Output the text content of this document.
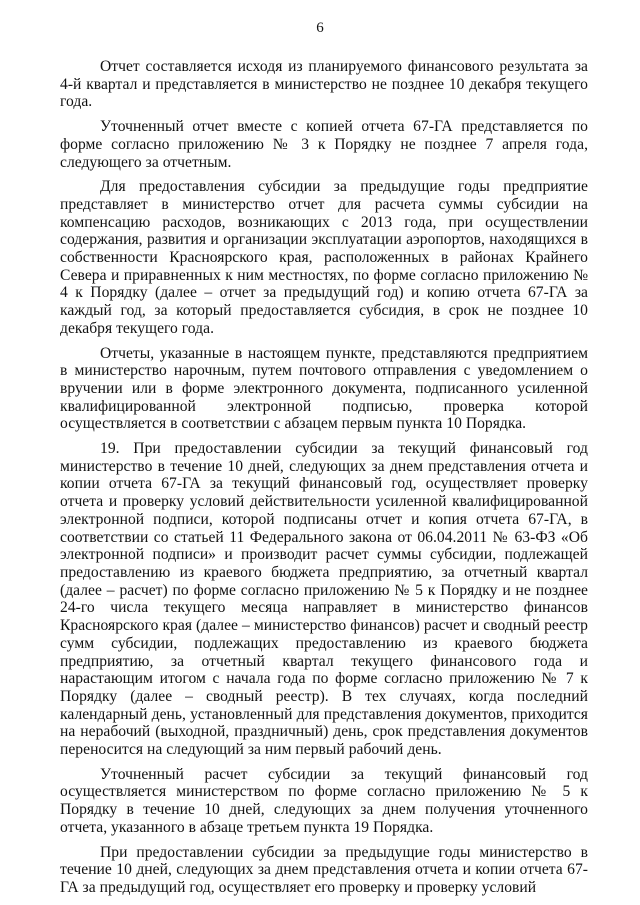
6

Отчет составляется исходя из планируемого финансового результата за 4-й квартал и представляется в министерство не позднее 10 декабря текущего года.

Уточненный отчет вместе с копией отчета 67-ГА представляется по форме согласно приложению № 3 к Порядку не позднее 7 апреля года, следующего за отчетным.

Для предоставления субсидии за предыдущие годы предприятие представляет в министерство отчет для расчета суммы субсидии на компенсацию расходов, возникающих с 2013 года, при осуществлении содержания, развития и организации эксплуатации аэропортов, находящихся в собственности Красноярского края, расположенных в районах Крайнего Севера и приравненных к ним местностях, по форме согласно приложению № 4 к Порядку (далее – отчет за предыдущий год) и копию отчета 67-ГА за каждый год, за который предоставляется субсидия, в срок не позднее 10 декабря текущего года.

Отчеты, указанные в настоящем пункте, представляются предприятием в министерство нарочным, путем почтового отправления с уведомлением о вручении или в форме электронного документа, подписанного усиленной квалифицированной электронной подписью, проверка которой осуществляется в соответствии с абзацем первым пункта 10 Порядка.

19. При предоставлении субсидии за текущий финансовый год министерство в течение 10 дней, следующих за днем представления отчета и копии отчета 67-ГА за текущий финансовый год, осуществляет проверку отчета и проверку условий действительности усиленной квалифицированной электронной подписи, которой подписаны отчет и копия отчета 67-ГА, в соответствии со статьей 11 Федерального закона от 06.04.2011 № 63-ФЗ «Об электронной подписи» и производит расчет суммы субсидии, подлежащей предоставлению из краевого бюджета предприятию, за отчетный квартал (далее – расчет) по форме согласно приложению № 5 к Порядку и не позднее 24-го числа текущего месяца направляет в министерство финансов Красноярского края (далее – министерство финансов) расчет и сводный реестр сумм субсидии, подлежащих предоставлению из краевого бюджета предприятию, за отчетный квартал текущего финансового года и нарастающим итогом с начала года по форме согласно приложению № 7 к Порядку (далее – сводный реестр). В тех случаях, когда последний календарный день, установленный для представления документов, приходится на нерабочий (выходной, праздничный) день, срок представления документов переносится на следующий за ним первый рабочий день.

Уточненный расчет субсидии за текущий финансовый год осуществляется министерством по форме согласно приложению № 5 к Порядку в течение 10 дней, следующих за днем получения уточненного отчета, указанного в абзаце третьем пункта 19 Порядка.

При предоставлении субсидии за предыдущие годы министерство в течение 10 дней, следующих за днем представления отчета и копии отчета 67-ГА за предыдущий год, осуществляет его проверку и проверку условий
